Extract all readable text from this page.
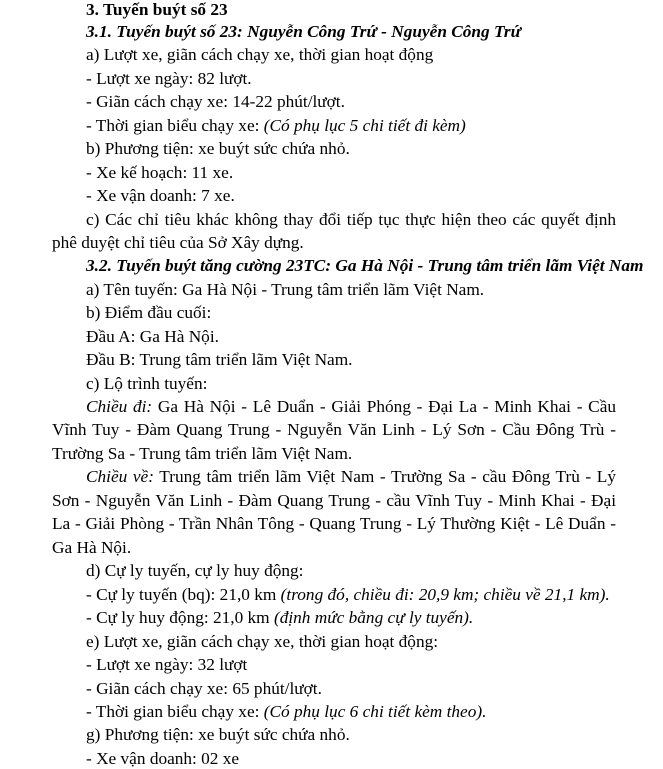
3. Tuyến buýt số 23
3.1. Tuyến buýt số 23: Nguyễn Công Trứ - Nguyễn Công Trứ
a) Lượt xe, giãn cách chạy xe, thời gian hoạt động
- Lượt xe ngày: 82 lượt.
- Giãn cách chạy xe: 14-22 phút/lượt.
- Thời gian biểu chạy xe: (Có phụ lục 5 chi tiết đi kèm)
b) Phương tiện: xe buýt sức chứa nhỏ.
- Xe kế hoạch: 11 xe.
- Xe vận doanh: 7 xe.
c) Các chỉ tiêu khác không thay đổi tiếp tục thực hiện theo các quyết định
phê duyệt chỉ tiêu của Sở Xây dựng.
3.2. Tuyến buýt tăng cường 23TC: Ga Hà Nội - Trung tâm triển lãm Việt Nam
a) Tên tuyến: Ga Hà Nội - Trung tâm triển lãm Việt Nam.
b) Điểm đầu cuối:
Đầu A: Ga Hà Nội.
Đầu B: Trung tâm triển lãm Việt Nam.
c) Lộ trình tuyến:
Chiều đi: Ga Hà Nội - Lê Duẩn - Giải Phóng - Đại La - Minh Khai - Cầu
Vĩnh Tuy - Đàm Quang Trung - Nguyễn Văn Linh - Lý Sơn - Cầu Đông Trù -
Trường Sa - Trung tâm triển lãm Việt Nam.
Chiều về: Trung tâm triển lãm Việt Nam - Trường Sa - cầu Đông Trù - Lý
Sơn - Nguyễn Văn Linh - Đàm Quang Trung - cầu Vĩnh Tuy - Minh Khai - Đại
La - Giải Phòng - Trần Nhân Tông - Quang Trung - Lý Thường Kiệt - Lê Duẩn -
Ga Hà Nội.
d) Cự ly tuyến, cự ly huy động:
- Cự ly tuyến (bq): 21,0 km (trong đó, chiều đi: 20,9 km; chiều về 21,1 km).
- Cự ly huy động: 21,0 km (định mức bằng cự ly tuyến).
e) Lượt xe, giãn cách chạy xe, thời gian hoạt động:
- Lượt xe ngày: 32 lượt
- Giãn cách chạy xe: 65 phút/lượt.
- Thời gian biểu chạy xe: (Có phụ lục 6 chi tiết kèm theo).
g) Phương tiện: xe buýt sức chứa nhỏ.
- Xe vận doanh: 02 xe
